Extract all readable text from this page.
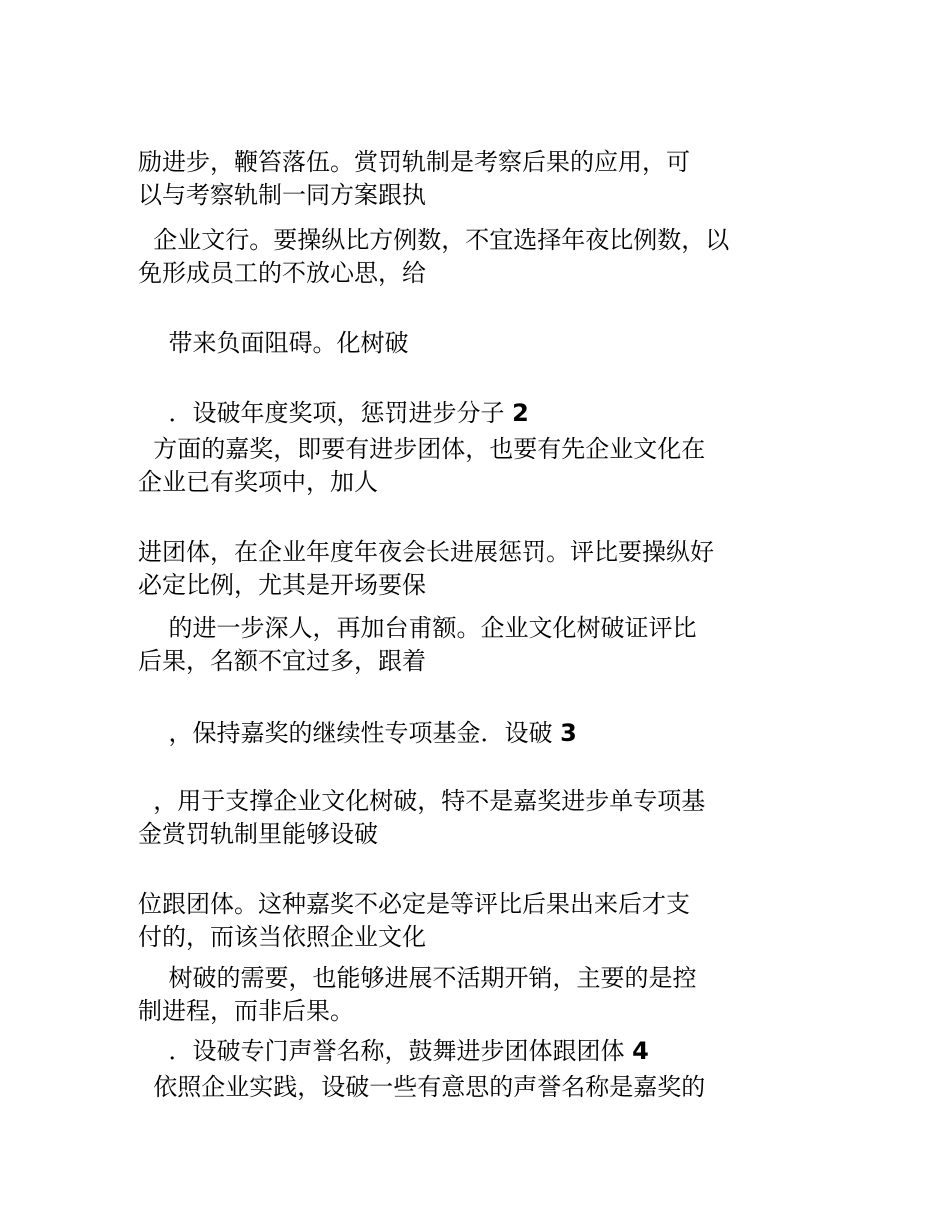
励进步，鞭笞落伍。赏罚轨制是考察后果的应用，可

以与考察轨制一同方案跟执

企业文行。要操纵比方例数，不宜选择年夜比例数，以

免形成员工的不放心思，给

带来负面阻碍。化树破

．设破年度奖项，惩罚进步分子 2

方面的嘉奖，即要有进步团体，也要有先企业文化在

企业已有奖项中，加人

进团体，在企业年度年夜会长进展惩罚。评比要操纵好

必定比例，尤其是开场要保

的进一步深人，再加台甫额。企业文化树破证评比

后果，名额不宜过多，跟着

，保持嘉奖的继续性专项基金．设破 3

，用于支撑企业文化树破，特不是嘉奖进步单专项基

金赏罚轨制里能够设破

位跟团体。这种嘉奖不必定是等评比后果出来后才支

付的，而该当依照企业文化

树破的需要，也能够进展不活期开销，主要的是控

制进程，而非后果。

．设破专门声誉名称，鼓舞进步团体跟团体 4

依照企业实践，设破一些有意思的声誉名称是嘉奖的
